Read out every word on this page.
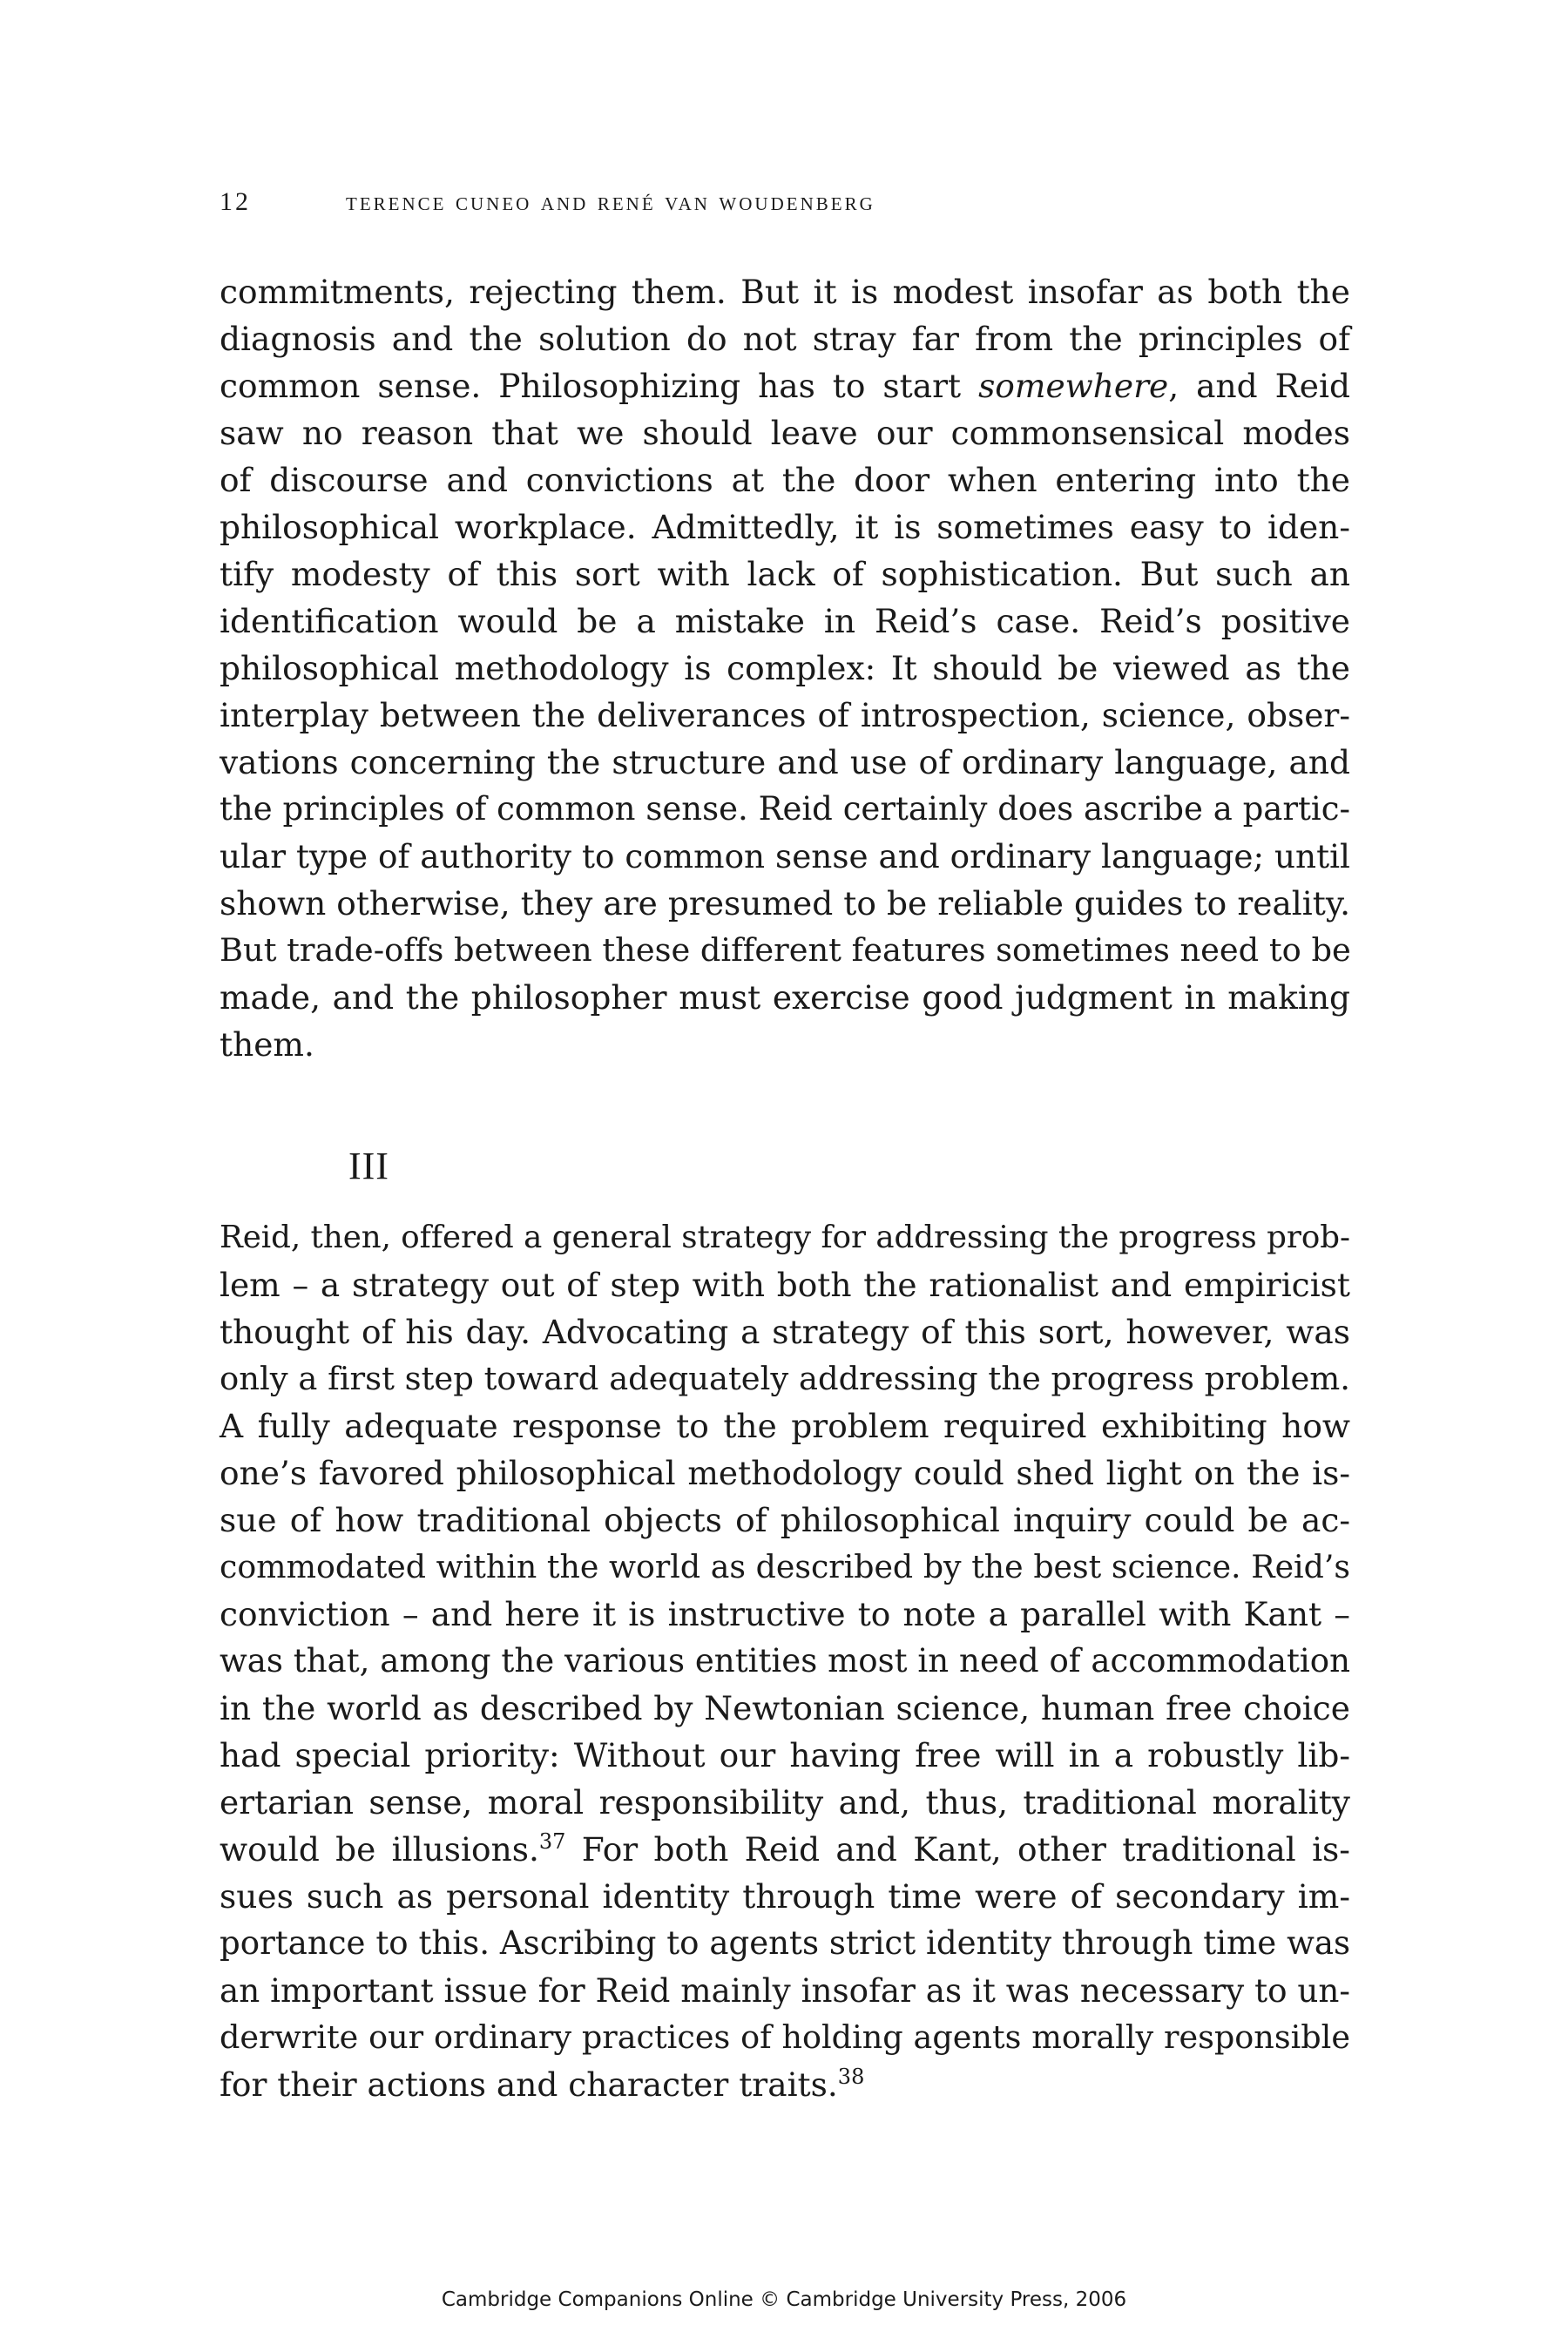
12	terence cuneo and rené van woudenberg
commitments, rejecting them. But it is modest insofar as both the
diagnosis and the solution do not stray far from the principles of
common sense. Philosophizing has to start somewhere, and Reid
saw no reason that we should leave our commonsensical modes
of discourse and convictions at the door when entering into the
philosophical workplace. Admittedly, it is sometimes easy to iden-
tify modesty of this sort with lack of sophistication. But such an
identification would be a mistake in Reid’s case. Reid’s positive
philosophical methodology is complex: It should be viewed as the
interplay between the deliverances of introspection, science, obser-
vations concerning the structure and use of ordinary language, and
the principles of common sense. Reid certainly does ascribe a partic-
ular type of authority to common sense and ordinary language; until
shown otherwise, they are presumed to be reliable guides to reality.
But trade-offs between these different features sometimes need to be
made, and the philosopher must exercise good judgment in making
them.
III
Reid, then, offered a general strategy for addressing the progress prob-
lem – a strategy out of step with both the rationalist and empiricist
thought of his day. Advocating a strategy of this sort, however, was
only a first step toward adequately addressing the progress problem.
A fully adequate response to the problem required exhibiting how
one’s favored philosophical methodology could shed light on the is-
sue of how traditional objects of philosophical inquiry could be ac-
commodated within the world as described by the best science. Reid’s
conviction – and here it is instructive to note a parallel with Kant –
was that, among the various entities most in need of accommodation
in the world as described by Newtonian science, human free choice
had special priority: Without our having free will in a robustly lib-
ertarian sense, moral responsibility and, thus, traditional morality
would be illusions.$^{37}$ For both Reid and Kant, other traditional is-
sues such as personal identity through time were of secondary im-
portance to this. Ascribing to agents strict identity through time was
an important issue for Reid mainly insofar as it was necessary to un-
derwrite our ordinary practices of holding agents morally responsible
for their actions and character traits.$^{38}$
Cambridge Companions Online © Cambridge University Press, 2006
